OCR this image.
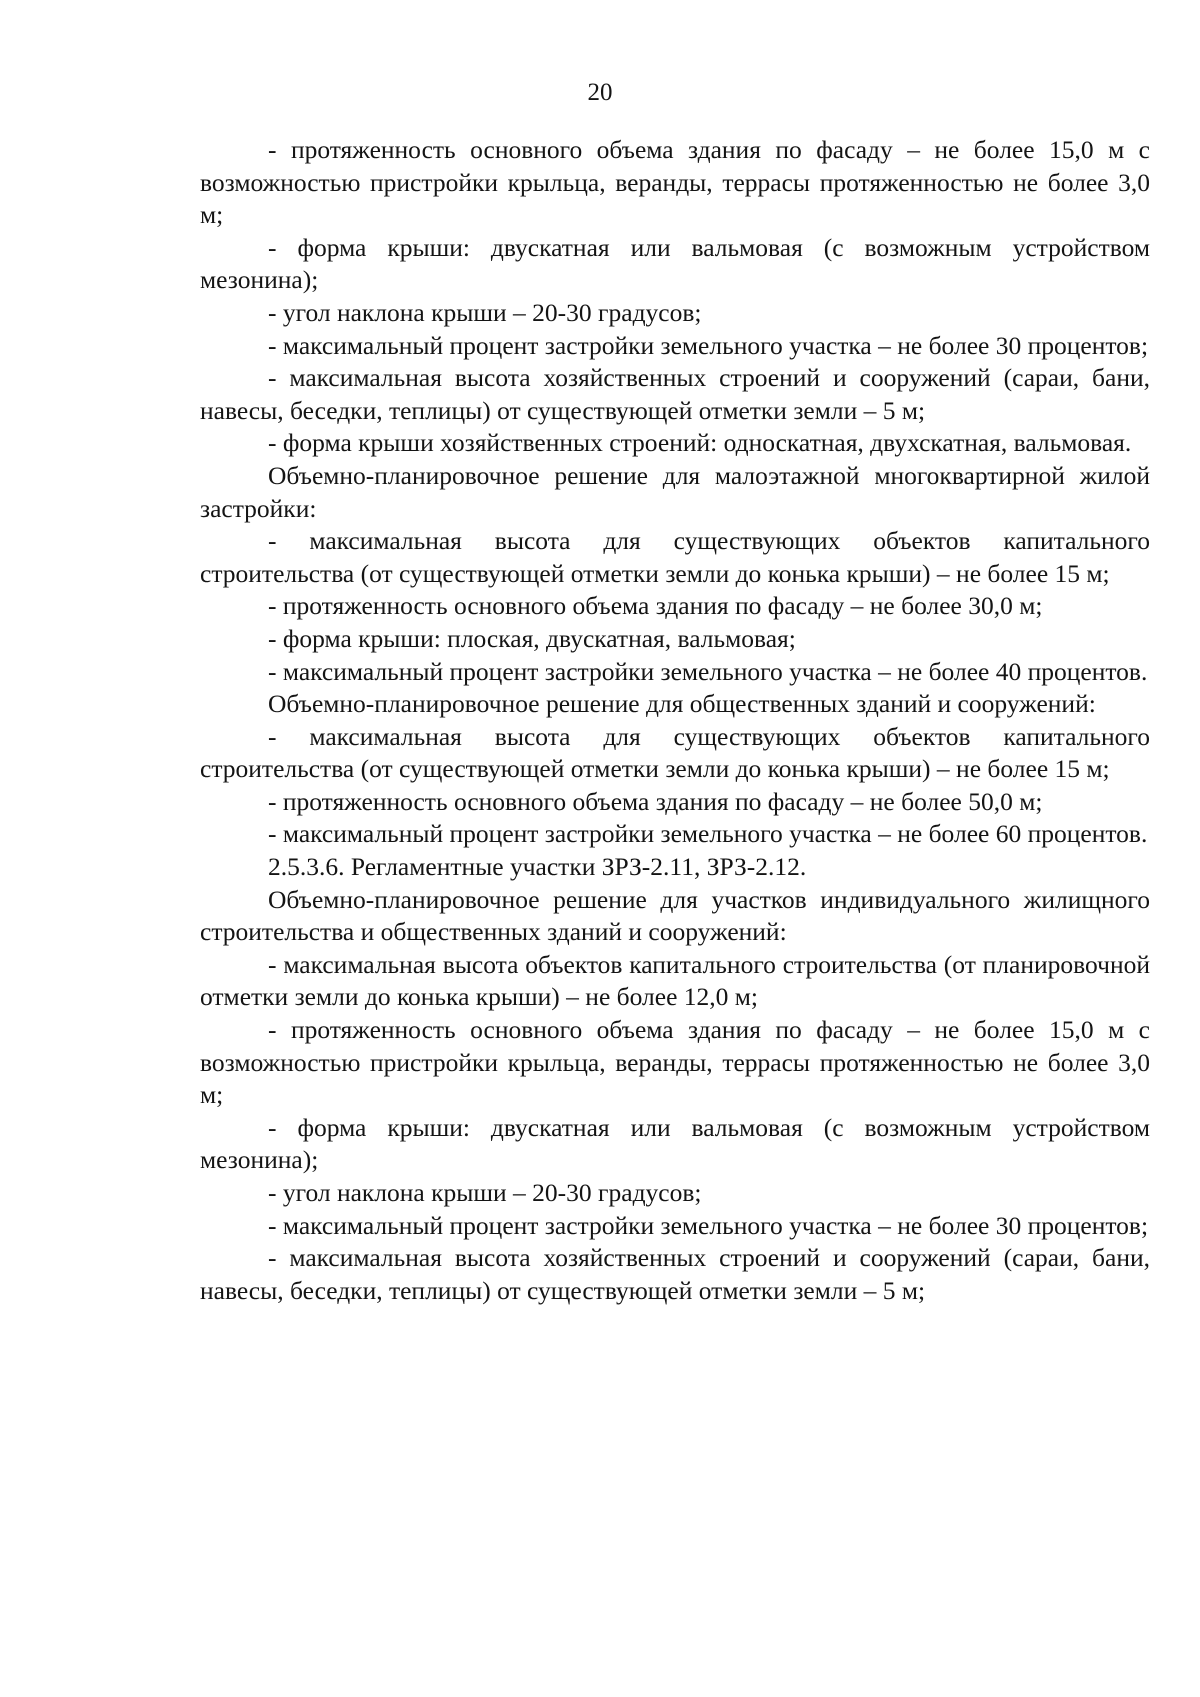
20

- протяженность основного объема здания по фасаду – не более 15,0 м с возможностью пристройки крыльца, веранды, террасы протяженностью не более 3,0 м;

- форма крыши: двускатная или вальмовая (с возможным устройством мезонина);

- угол наклона крыши – 20-30 градусов;

- максимальный процент застройки земельного участка – не более 30 процентов;

- максимальная высота хозяйственных строений и сооружений (сараи, бани, навесы, беседки, теплицы) от существующей отметки земли – 5 м;

- форма крыши хозяйственных строений: односкатная, двухскатная, вальмовая.

Объемно-планировочное решение для малоэтажной многоквартирной жилой застройки:

- максимальная высота для существующих объектов капитального строительства (от существующей отметки земли до конька крыши) – не более 15 м;

- протяженность основного объема здания по фасаду – не более 30,0 м;

- форма крыши: плоская, двускатная, вальмовая;

- максимальный процент застройки земельного участка – не более 40 процентов.

Объемно-планировочное решение для общественных зданий и сооружений:

- максимальная высота для существующих объектов капитального строительства (от существующей отметки земли до конька крыши) – не более 15 м;

- протяженность основного объема здания по фасаду – не более 50,0 м;

- максимальный процент застройки земельного участка – не более 60 процентов.

2.5.3.6. Регламентные участки ЗРЗ-2.11, ЗРЗ-2.12.

Объемно-планировочное решение для участков индивидуального жилищного строительства и общественных зданий и сооружений:

- максимальная высота объектов капитального строительства (от планировочной отметки земли до конька крыши) – не более 12,0 м;

- протяженность основного объема здания по фасаду – не более 15,0 м с возможностью пристройки крыльца, веранды, террасы протяженностью не более 3,0 м;

- форма крыши: двускатная или вальмовая (с возможным устройством мезонина);

- угол наклона крыши – 20-30 градусов;

- максимальный процент застройки земельного участка – не более 30 процентов;

- максимальная высота хозяйственных строений и сооружений (сараи, бани, навесы, беседки, теплицы) от существующей отметки земли – 5 м;
